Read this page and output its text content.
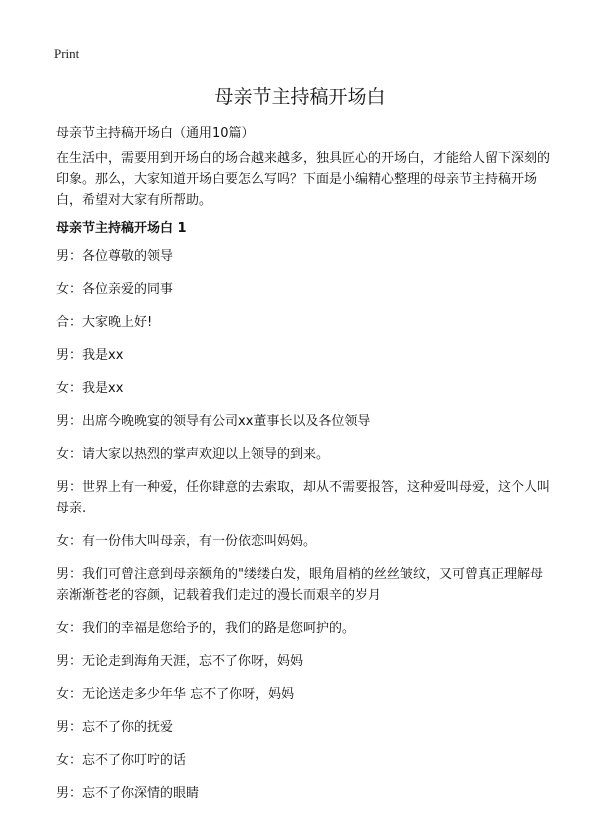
Print
母亲节主持稿开场白
母亲节主持稿开场白（通用10篇）

在生活中，需要用到开场白的场合越来越多，独具匠心的开场白，才能给人留下深刻的印象。那么，大家知道开场白要怎么写吗？下面是小编精心整理的母亲节主持稿开场白，希望对大家有所帮助。

母亲节主持稿开场白 1
男：各位尊敬的领导
女：各位亲爱的同事
合：大家晚上好!
男：我是xx
女：我是xx
男：出席今晚晚宴的领导有公司xx董事长以及各位领导
女：请大家以热烈的掌声欢迎以上领导的到来。
男：世界上有一种爱，任你肆意的去索取，却从不需要报答，这种爱叫母爱，这个人叫母亲.
女：有一份伟大叫母亲，有一份依恋叫妈妈。
男：我们可曾注意到母亲额角的"缕缕白发，眼角眉梢的丝丝皱纹，又可曾真正理解母亲渐渐苍老的容颜，记载着我们走过的漫长而艰辛的岁月
女：我们的幸福是您给予的，我们的路是您呵护的。
男：无论走到海角天涯，忘不了你呀，妈妈
女：无论送走多少年华 忘不了你呀，妈妈
男：忘不了你的抚爱
女：忘不了你叮咛的话
男：忘不了你深情的眼睛
